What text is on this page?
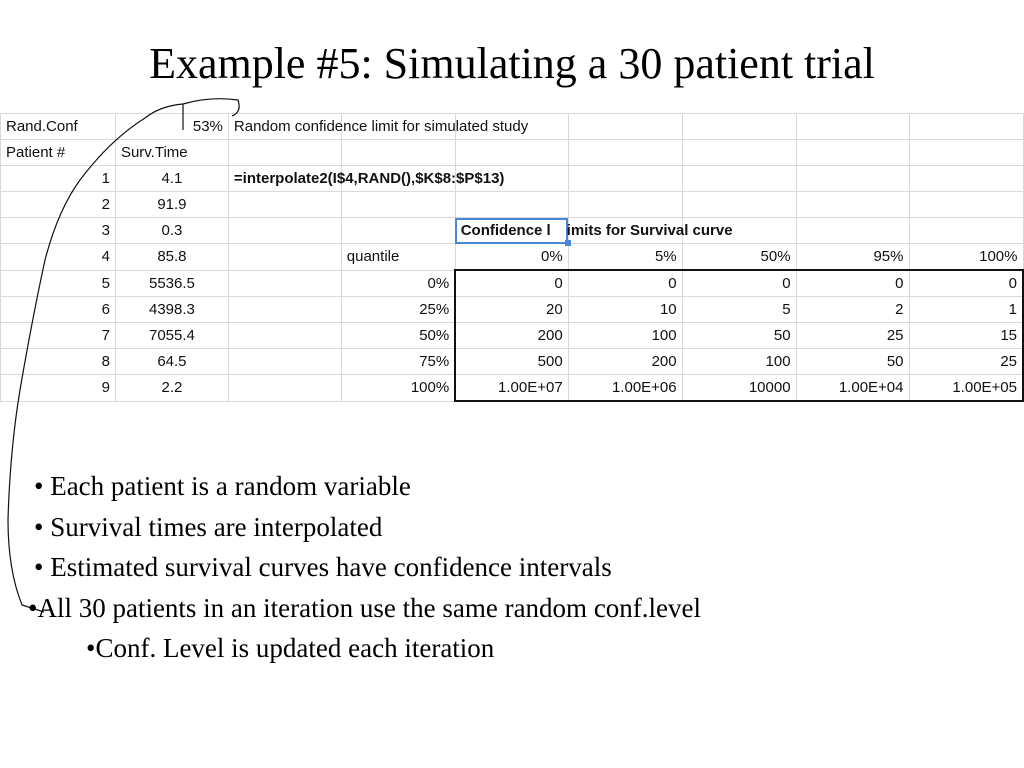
Example #5: Simulating a 30 patient trial
Rand.Conf	53%	Random confidence limit for simulated study						

Patient #	Surv.Time							
1	4.1	=interpolate2(I$4,RAND(),$K$8:$P$13)						

2	91.9							
3	0.3			Confidence l	imits for Survival curve			

4	85.8		quantile	0%	5%	50%	95%	100%
5	5536.5		0%	0	0	0	0	0
6	4398.3		25%	20	10	5	2	1
7	7055.4		50%	200	100	50	25	15
8	64.5		75%	500	200	100	50	25
9	2.2		100%	1.00E+07	1.00E+06	10000	1.00E+04	1.00E+05
• Each patient is a random variable
• Survival times are interpolated
• Estimated survival curves have confidence intervals
•All 30 patients in an iteration use the same random conf.level
•Conf. Level is updated each iteration
